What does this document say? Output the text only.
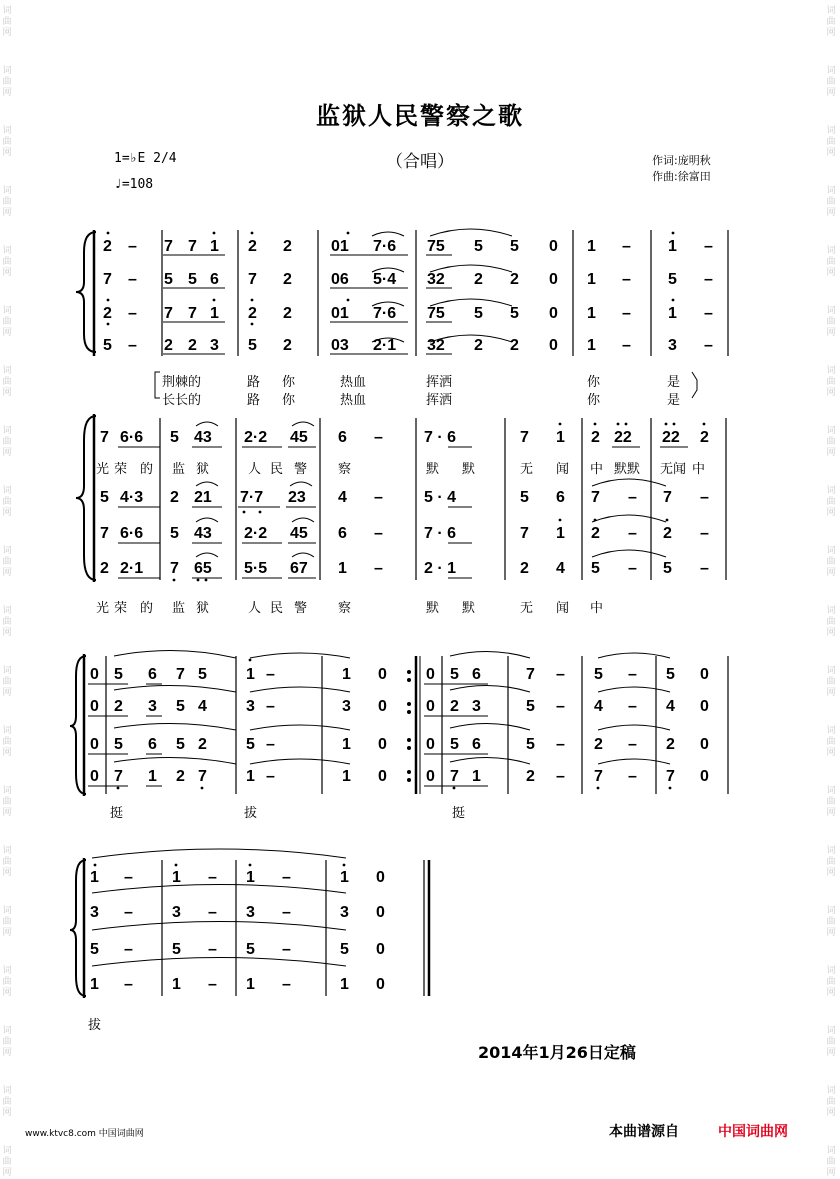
词
曲
网
词
曲
网
词
曲
网
词
曲
网
词
曲
网
词
曲
网
词
曲
网
词
曲
网
词
曲
网
词
曲
网
词
曲
网
词
曲
网
词
曲
网
词
曲
网
词
曲
网
词
曲
网
词
曲
网
词
曲
网
词
曲
网
词
曲
网
词
曲
网
词
曲
网
词
曲
网
词
曲
网
词
曲
网
词
曲
网
词
曲
网
词
曲
网
词
曲
网
词
曲
网
词
曲
网
词
曲
网
词
曲
网
词
曲
网
词
曲
网
词
曲
网
词
曲
网
词
曲
网
词
曲
网
词
曲
网
监狱人民警察之歌
（合唱）
1=♭E 2/4
♩=108
作词:庞明秋
作曲:徐富田
2 – 7 7 1 2 2 01 7·6 75 5 5 0 1 – 1 –
7 – 5 5 6 7 2 06 5·4 32 2 2 0 1 – 5 –
2 – 7 7 1 2 2 01 7·6 75 5 5 0 1 – 1 –
5 – 2 2 3 5 2 03 2·1 32 2 2 0 1 – 3 –
7 6·6 5 43 2·2 45 6 –	7 · 6	7 1 2 22 22 2
5 4·3 2 21 7·7 23 4 –	5 · 4	5 6 7 – 7 –
7 6·6 5 43 2·2 45 6 –	7 · 6	7 1 2 – 2 –
2 2·1 7 65 5·5 67 1 –	2 · 1	2 4 5 – 5 –
0 5 6 7 5 1 –	1 0 0 5 6	7 – 5 – 5 0
0 2 3 5 4 3 –	3 0 0 2 3	5 – 4 – 4 0
0 5 6 5 2 5 –	1 0 0 5 6	5 – 2 – 2 0
0 7 1 2 7 1 –	1 0 0 7 1	2 – 7 – 7 0
1 – 1 – 1 –	1 0
3 – 3 – 3 –	3 0
5 – 5 – 5 –	5 0
1 – 1 – 1 –	1 0
荆棘的	路 你	热血	挥洒	你	是
长长的	路 你	热血	挥洒	你	是
光 荣 的 监 狱	人 民 警 察	默 默	无 闻 中 默默 无闻 中
光 荣 的 监 狱	人 民 警 察	默 默	无 闻 中
挺	拔	挺
拔
2014年1月26日定稿
www.ktvc8.com 中国词曲网	本曲谱源自	中国词曲网
